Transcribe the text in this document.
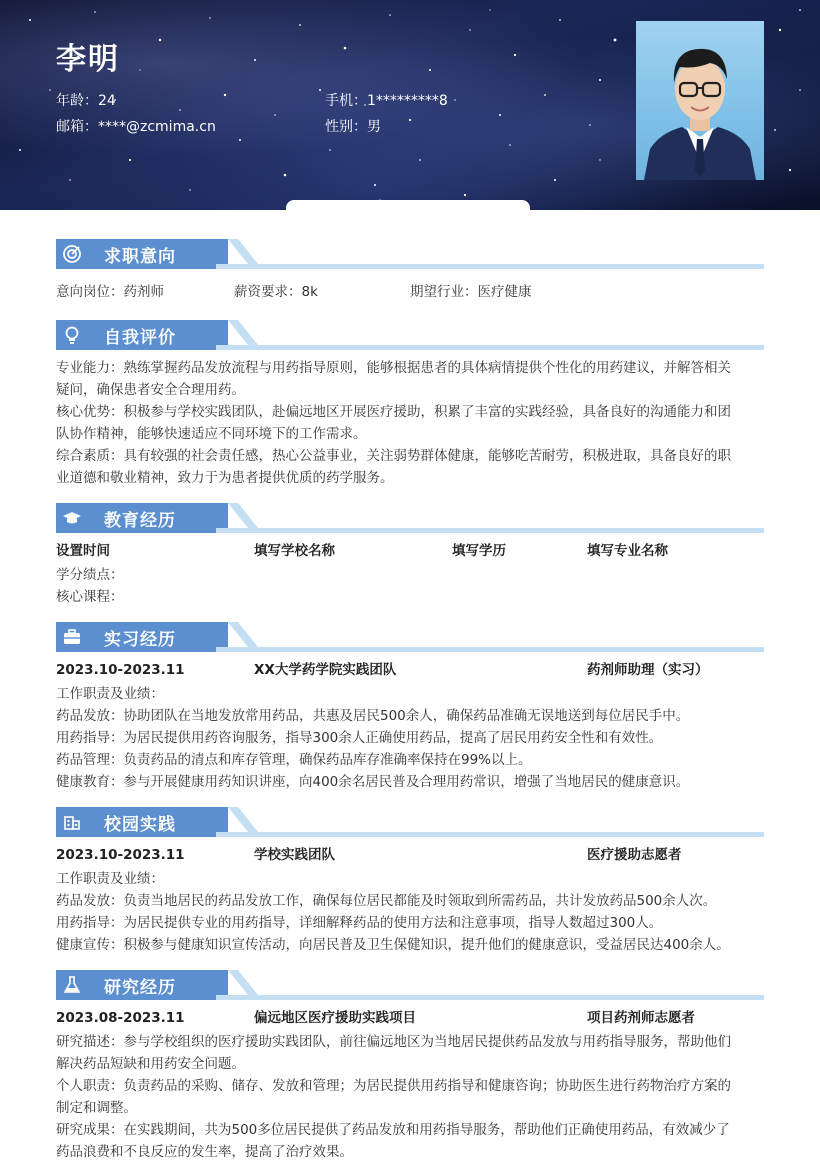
李明
年龄：24
邮箱：****@zcmima.cn
手机：1*********8
性别：男
求职意向
意向岗位：药剂师	薪资要求：8k	期望行业：医疗健康
自我评价
专业能力：熟练掌握药品发放流程与用药指导原则，能够根据患者的具体病情提供个性化的用药建议，并解答相关
疑问，确保患者安全合理用药。
核心优势：积极参与学校实践团队，赴偏远地区开展医疗援助，积累了丰富的实践经验，具备良好的沟通能力和团
队协作精神，能够快速适应不同环境下的工作需求。
综合素质：具有较强的社会责任感，热心公益事业，关注弱势群体健康，能够吃苦耐劳，积极进取，具备良好的职
业道德和敬业精神，致力于为患者提供优质的药学服务。
教育经历
设置时间	填写学校名称	填写学历	填写专业名称
学分绩点：
核心课程：
实习经历
2023.10-2023.11	XX大学药学院实践团队	药剂师助理（实习）
工作职责及业绩：
药品发放：协助团队在当地发放常用药品，共惠及居民500余人，确保药品准确无误地送到每位居民手中。
用药指导：为居民提供用药咨询服务，指导300余人正确使用药品，提高了居民用药安全性和有效性。
药品管理：负责药品的清点和库存管理，确保药品库存准确率保持在99%以上。
健康教育：参与开展健康用药知识讲座，向400余名居民普及合理用药常识，增强了当地居民的健康意识。
校园实践
2023.10-2023.11	学校实践团队	医疗援助志愿者
工作职责及业绩：
药品发放：负责当地居民的药品发放工作，确保每位居民都能及时领取到所需药品，共计发放药品500余人次。
用药指导：为居民提供专业的用药指导，详细解释药品的使用方法和注意事项，指导人数超过300人。
健康宣传：积极参与健康知识宣传活动，向居民普及卫生保健知识，提升他们的健康意识，受益居民达400余人。
研究经历
2023.08-2023.11	偏远地区医疗援助实践项目	项目药剂师志愿者
研究描述：参与学校组织的医疗援助实践团队，前往偏远地区为当地居民提供药品发放与用药指导服务，帮助他们
解决药品短缺和用药安全问题。
个人职责：负责药品的采购、储存、发放和管理；为居民提供用药指导和健康咨询；协助医生进行药物治疗方案的
制定和调整。
研究成果：在实践期间，共为500多位居民提供了药品发放和用药指导服务，帮助他们正确使用药品，有效减少了
药品浪费和不良反应的发生率，提高了治疗效果。
